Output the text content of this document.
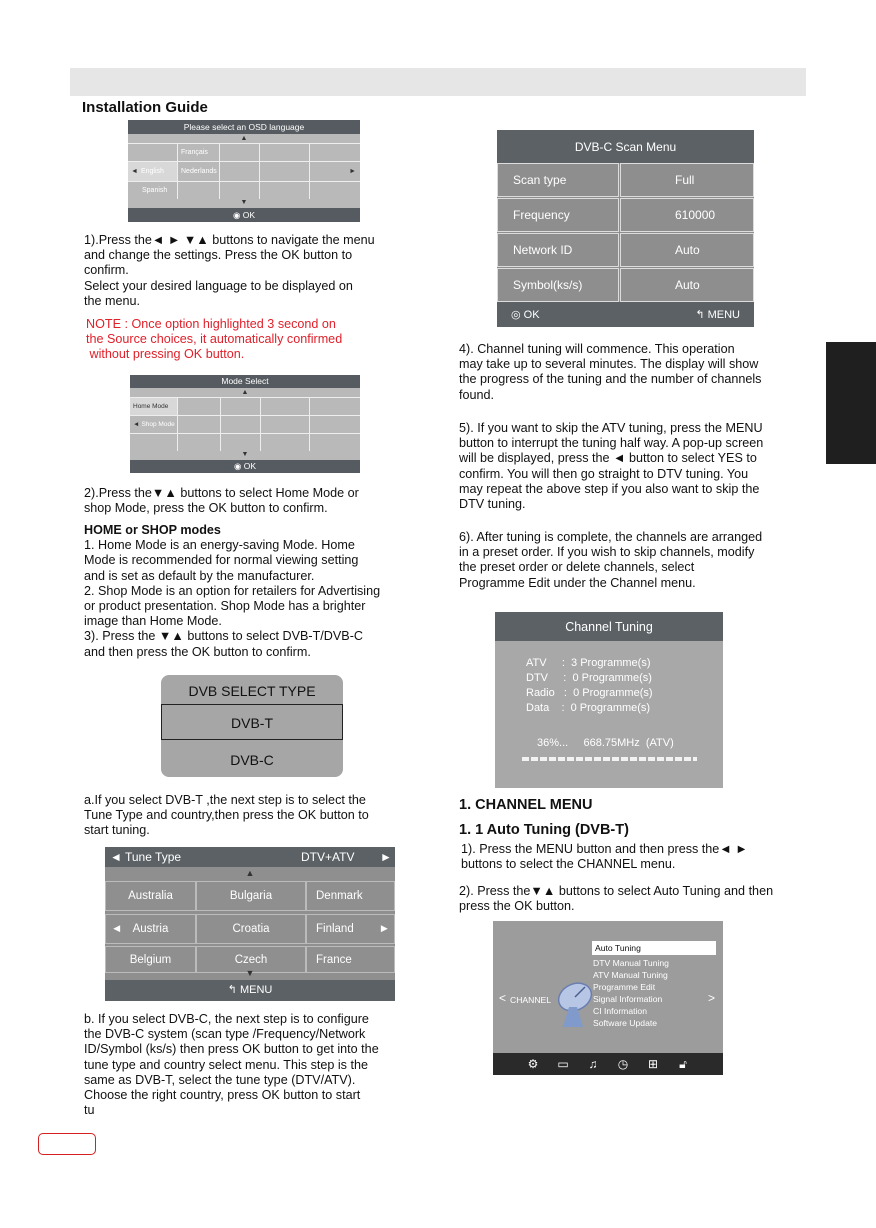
Installation Guide
Please select an OSD language
▲
Français
◄ English	Nederlands	►
Spanish
▼
◉ OK
1).Press the◄ ► ▼▲ buttons to navigate the menu
and change the settings. Press the OK button to
confirm.
Select your desired language to be displayed on
the menu.
NOTE : Once option highlighted 3 second on
the Source choices, it automatically confirmed
without pressing OK button.
Mode Select
▲
Home Mode
◄ Shop Mode
▼
◉ OK
2).Press the▼▲ buttons to select Home Mode or
shop Mode, press the OK button to confirm.
HOME or SHOP modes
1. Home Mode is an energy-saving Mode. Home
Mode is recommended for normal viewing setting
and is set as default by the manufacturer.
2. Shop Mode is an option for retailers for Advertising
or product presentation. Shop Mode has a brighter
image than Home Mode.
3). Press the ▼▲ buttons to select DVB-T/DVB-C
and then press the OK button to confirm.
DVB SELECT TYPE
DVB-T
DVB-C
a.If you select DVB-T ,the next step is to select the
Tune Type and country,then press the OK button to
start tuning.
◄ Tune Type	DTV+ATV ►
▲
Australia	Bulgaria	Denmark
◄ Austria	Croatia	Finland ►
Belgium	Czech	France
▼
↰ MENU
b. If you select DVB-C, the next step is to configure
the DVB-C system (scan type /Frequency/Network
ID/Symbol (ks/s) then press OK button to get into the
tune type and country select menu. This step is the
same as DVB-T, select the tune type (DTV/ATV).
Choose the right country, press OK button to start
tu
DVB-C Scan Menu
Scan type	Full
Frequency	610000
Network ID	Auto
Symbol(ks/s)	Auto
◎ OK	↰ MENU
4). Channel tuning will commence. This operation
may take up to several minutes. The display will show
the progress of the tuning and the number of channels
found.
5). If you want to skip the ATV tuning, press the MENU
button to interrupt the tuning half way. A pop-up screen
will be displayed, press the ◄ button to select YES to
confirm. You will then go straight to DTV tuning. You
may repeat the above step if you also want to skip the
DTV tuning.
6). After tuning is complete, the channels are arranged
in a preset order. If you wish to skip channels, modify
the preset order or delete channels, select
Programme Edit under the Channel menu.
Channel Tuning
ATV     :  3 Programme(s)
DTV     :  0 Programme(s)
Radio   :  0 Programme(s)
Data    :  0 Programme(s)
36%...     668.75MHz  (ATV)
1. CHANNEL MENU
1. 1 Auto Tuning (DVB-T)
1). Press the MENU button and then press the◄ ►
buttons to select the CHANNEL menu.
2). Press the▼▲ buttons to select Auto Tuning and then
press the OK button.
Auto Tuning
DTV Manual Tuning
ATV Manual Tuning
Programme Edit
Signal Information
CI Information
Software Update
< CHANNEL	>
⚙ ▭ ♫ ◷ ⊞ 🔓︎
